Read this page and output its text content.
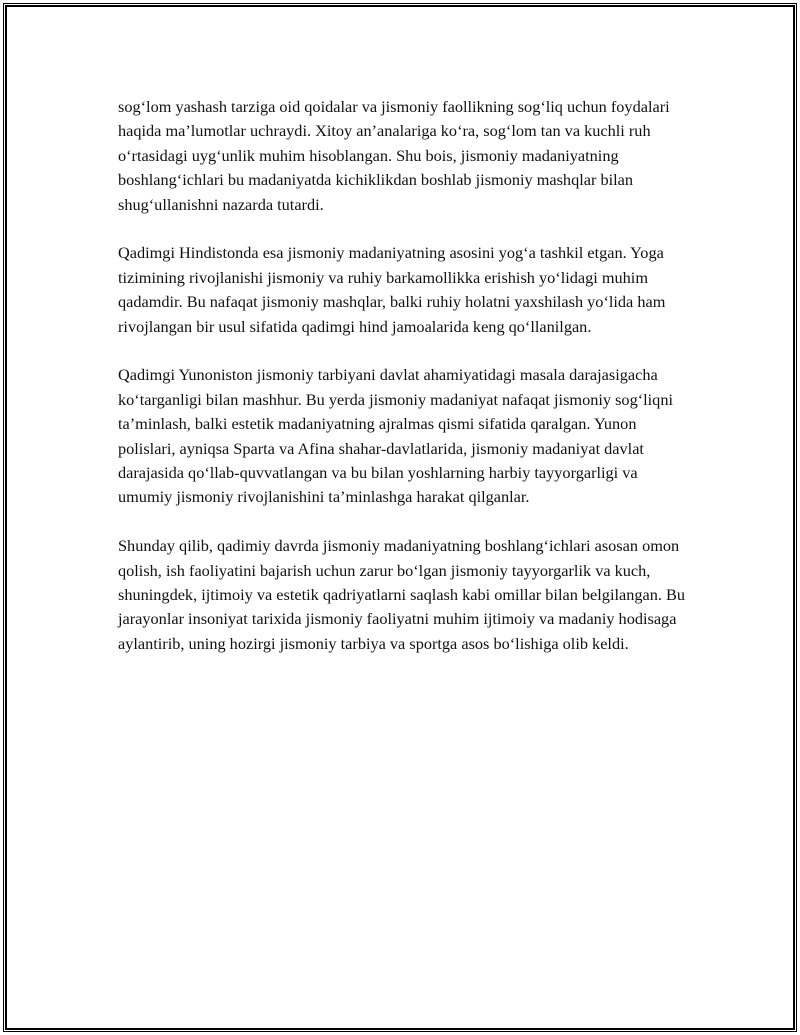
sog‘lom yashash tarziga oid qoidalar va jismoniy faollikning sog‘liq uchun foydalari haqida ma’lumotlar uchraydi. Xitoy an’analariga ko‘ra, sog‘lom tan va kuchli ruh o‘rtasidagi uyg‘unlik muhim hisoblangan. Shu bois, jismoniy madaniyatning boshlang‘ichlari bu madaniyatda kichiklikdan boshlab jismoniy mashqlar bilan shug‘ullanishni nazarda tutardi.

Qadimgi Hindistonda esa jismoniy madaniyatning asosini yog‘a tashkil etgan. Yoga tizimining rivojlanishi jismoniy va ruhiy barkamollikka erishish yo‘lidagi muhim qadamdir. Bu nafaqat jismoniy mashqlar, balki ruhiy holatni yaxshilash yo‘lida ham rivojlangan bir usul sifatida qadimgi hind jamoalarida keng qo‘llanilgan.

Qadimgi Yunoniston jismoniy tarbiyani davlat ahamiyatidagi masala darajasigacha ko‘targanligi bilan mashhur. Bu yerda jismoniy madaniyat nafaqat jismoniy sog‘liqni ta’minlash, balki estetik madaniyatning ajralmas qismi sifatida qaralgan. Yunon polislari, ayniqsa Sparta va Afina shahar-davlatlarida, jismoniy madaniyat davlat darajasida qo‘llab-quvvatlangan va bu bilan yoshlarning harbiy tayyorgarligi va umumiy jismoniy rivojlanishini ta’minlashga harakat qilganlar.

Shunday qilib, qadimiy davrda jismoniy madaniyatning boshlang‘ichlari asosan omon qolish, ish faoliyatini bajarish uchun zarur bo‘lgan jismoniy tayyorgarlik va kuch, shuningdek, ijtimoiy va estetik qadriyatlarni saqlash kabi omillar bilan belgilangan. Bu jarayonlar insoniyat tarixida jismoniy faoliyatni muhim ijtimoiy va madaniy hodisaga aylantirib, uning hozirgi jismoniy tarbiya va sportga asos bo‘lishiga olib keldi.
